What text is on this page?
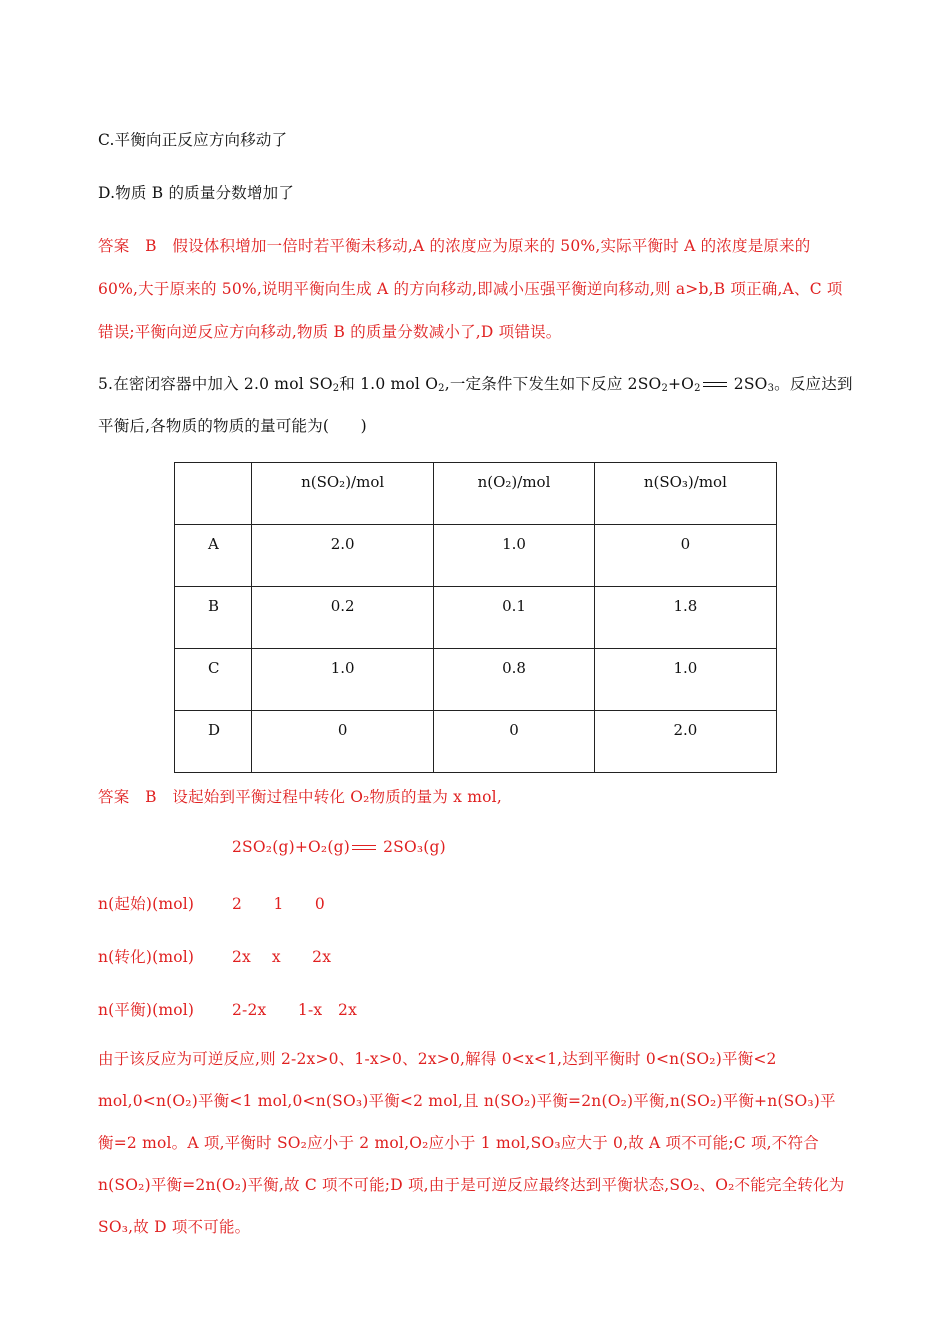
C.平衡向正反应方向移动了
D.物质 B 的质量分数增加了
答案　B　假设体积增加一倍时若平衡未移动,A 的浓度应为原来的 50%,实际平衡时 A 的浓度是原来的
60%,大于原来的 50%,说明平衡向生成 A 的方向移动,即减小压强平衡逆向移动,则 a>b,B 项正确,A、C 项
错误;平衡向逆反应方向移动,物质 B 的质量分数减小了,D 项错误。
5.在密闭容器中加入 2.0 mol $SO_2$和 1.0 mol $O_2$,一定条件下发生如下反应 $2SO_2+O_2$ $2SO_3$。反应达到
平衡后,各物质的物质的量可能为(　　)
	n(SO₂)/mol	n(O₂)/mol	n(SO₃)/mol
A	2.0	1.0	0
B	0.2	0.1	1.8
C	1.0	0.8	1.0
D	0	0	2.0
答案　B　设起始到平衡过程中转化 O₂物质的量为 x mol,
2SO₂(g)+O₂(g) 2SO₃(g)
n(起始)(mol) 2　　1　　0
n(转化)(mol) 2x　 x　　2x
n(平衡)(mol) 2-2x　　1-x　2x
由于该反应为可逆反应,则 2-2x>0、1-x>0、2x>0,解得 0<x<1,达到平衡时 0<n(SO₂)平衡<2 mol,0<n(O₂)平衡<1 mol,0<n(SO₃)平衡<2 mol,且 n(SO₂)平衡=2n(O₂)平衡,n(SO₂)平衡+n(SO₃)平衡=2 mol。A 项,平衡时 SO₂应小于 2 mol,O₂应小于 1 mol,SO₃应大于 0,故 A 项不可能;C 项,不符合 n(SO₂)平衡=2n(O₂)平衡,故 C 项不可能;D 项,由于是可逆反应最终达到平衡状态,SO₂、O₂不能完全转化为 SO₃,故 D 项不可能。
